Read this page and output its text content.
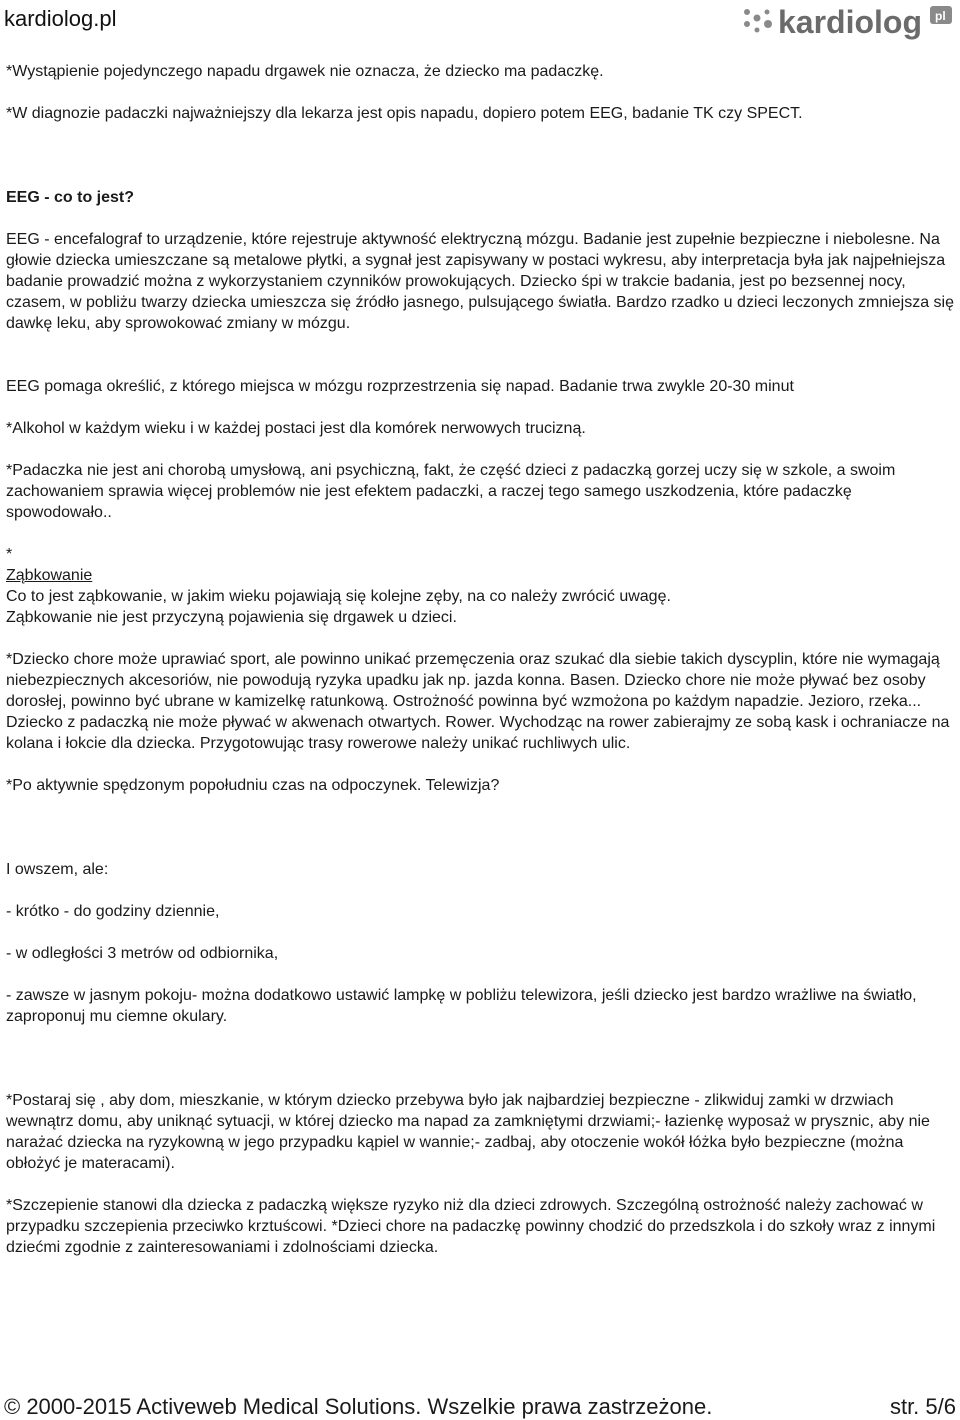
kardiolog.pl	kardiolog pl

*Wystąpienie pojedynczego napadu drgawek nie oznacza, że dziecko ma padaczkę.

*W diagnozie padaczki najważniejszy dla lekarza jest opis napadu, dopiero potem EEG, badanie TK czy SPECT.

EEG - co to jest?

EEG - encefalograf to urządzenie, które rejestruje aktywność elektryczną mózgu. Badanie jest zupełnie bezpieczne i niebolesne. Na głowie dziecka umieszczane są metalowe płytki, a sygnał jest zapisywany w postaci wykresu, aby interpretacja była jak najpełniejsza badanie prowadzić można z wykorzystaniem czynników prowokujących. Dziecko śpi w trakcie badania, jest po bezsennej nocy, czasem, w pobliżu twarzy dziecka umieszcza się źródło jasnego, pulsującego światła. Bardzo rzadko u dzieci leczonych zmniejsza się dawkę leku, aby sprowokować zmiany w mózgu.

EEG pomaga określić, z którego miejsca w mózgu rozprzestrzenia się napad. Badanie trwa zwykle 20-30 minut

*Alkohol w każdym wieku i w każdej postaci jest dla komórek nerwowych trucizną.

*Padaczka nie jest ani chorobą umysłową, ani psychiczną, fakt, że część dzieci z padaczką gorzej uczy się w szkole, a swoim zachowaniem sprawia więcej problemów nie jest efektem padaczki, a raczej tego samego uszkodzenia, które padaczkę spowodowało..

*

Ząbkowanie

Co to jest ząbkowanie, w jakim wieku pojawiają się kolejne zęby, na co należy zwrócić uwagę.

Ząbkowanie nie jest przyczyną pojawienia się drgawek u dzieci.

*Dziecko chore może uprawiać sport, ale powinno unikać przemęczenia oraz szukać dla siebie takich dyscyplin, które nie wymagają niebezpiecznych akcesoriów, nie powodują ryzyka upadku jak np. jazda konna. Basen. Dziecko chore nie może pływać bez osoby dorosłej, powinno być ubrane w kamizelkę ratunkową. Ostrożność powinna być wzmożona po każdym napadzie. Jezioro, rzeka... Dziecko z padaczką nie może pływać w akwenach otwartych. Rower. Wychodząc na rower zabierajmy ze sobą kask i ochraniacze na kolana i łokcie dla dziecka. Przygotowując trasy rowerowe należy unikać ruchliwych ulic.

*Po aktywnie spędzonym popołudniu czas na odpoczynek. Telewizja?

I owszem, ale:

- krótko - do godziny dziennie,

- w odległości 3 metrów od odbiornika,

- zawsze w jasnym pokoju- można dodatkowo ustawić lampkę w pobliżu telewizora, jeśli dziecko jest bardzo wrażliwe na światło, zaproponuj mu ciemne okulary.

*Postaraj się , aby dom, mieszkanie, w którym dziecko przebywa było jak najbardziej bezpieczne - zlikwiduj zamki w drzwiach wewnątrz domu, aby uniknąć sytuacji, w której dziecko ma napad za zamkniętymi drzwiami;- łazienkę wyposaż w prysznic, aby nie narażać dziecka na ryzykowną w jego przypadku kąpiel w wannie;- zadbaj, aby otoczenie wokół łóżka było bezpieczne (można obłożyć je materacami).

*Szczepienie stanowi dla dziecka z padaczką większe ryzyko niż dla dzieci zdrowych. Szczególną ostrożność należy zachować w przypadku szczepienia przeciwko krztuścowi. *Dzieci chore na padaczkę powinny chodzić do przedszkola i do szkoły wraz z innymi dziećmi zgodnie z zainteresowaniami i zdolnościami dziecka.

© 2000-2015 Activeweb Medical Solutions. Wszelkie prawa zastrzeżone.	str. 5/6
